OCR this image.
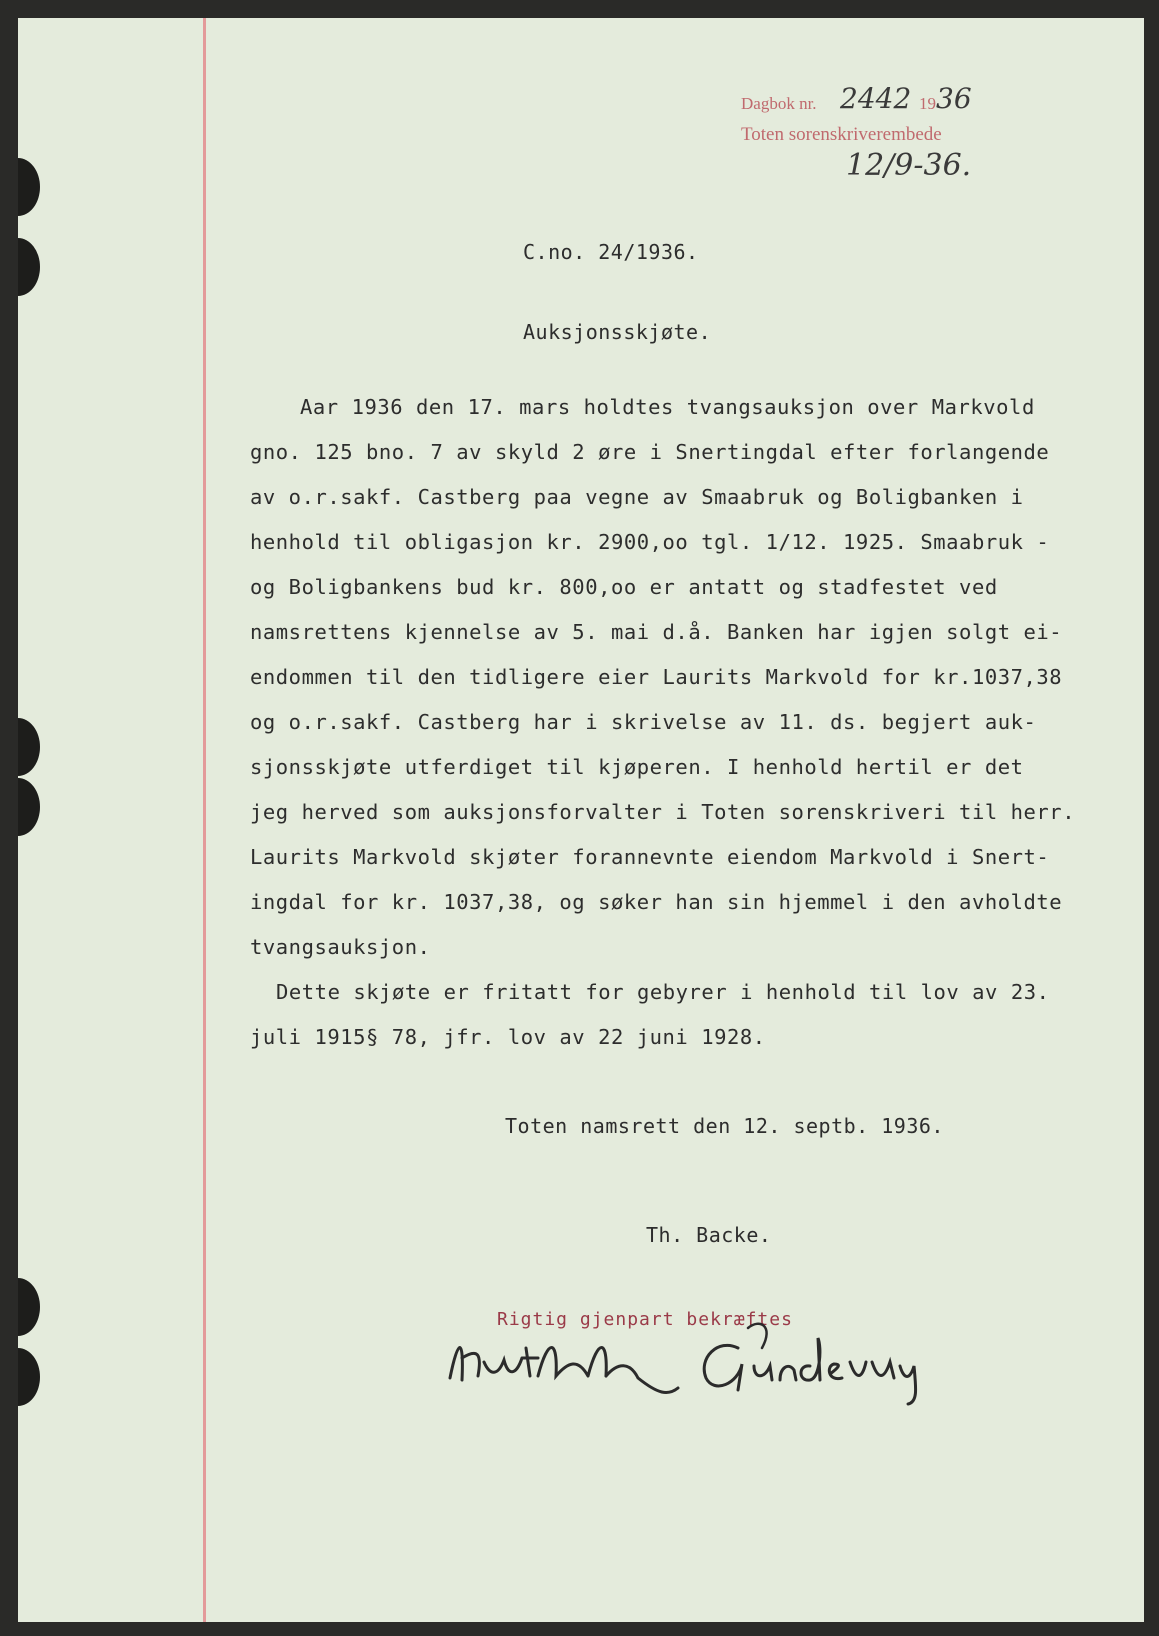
Dagbok nr. 2442 19 36
Toten sorenskriverembede
12/9-36.
C.no. 24/1936.
Auksjonsskjøte.
Aar 1936 den 17. mars holdtes tvangsauksjon over Markvold
gno. 125 bno. 7 av skyld 2 øre i Snertingdal efter forlangende
av o.r.sakf. Castberg paa vegne av Smaabruk og Boligbanken i
henhold til obligasjon kr. 2900,oo tgl. 1/12. 1925. Smaabruk -
og Boligbankens bud kr. 800,oo er antatt og stadfestet ved
namsrettens kjennelse av 5. mai d.å. Banken har igjen solgt ei-
endommen til den tidligere eier Laurits Markvold for kr.1037,38
og o.r.sakf. Castberg har i skrivelse av 11. ds. begjert auk-
sjonsskjøte utferdiget til kjøperen. I henhold hertil er det
jeg herved som auksjonsforvalter i Toten sorenskriveri til herr.
Laurits Markvold skjøter forannevnte eiendom Markvold i Snert-
ingdal for kr. 1037,38, og søker han sin hjemmel i den avholdte
tvangsauksjon.
Dette skjøte er fritatt for gebyrer i henhold til lov av 23.
juli 1915§ 78, jfr. lov av 22 juni 1928.
Toten namsrett den 12. septb. 1936.
Th. Backe.
Rigtig gjenpart bekræftes
